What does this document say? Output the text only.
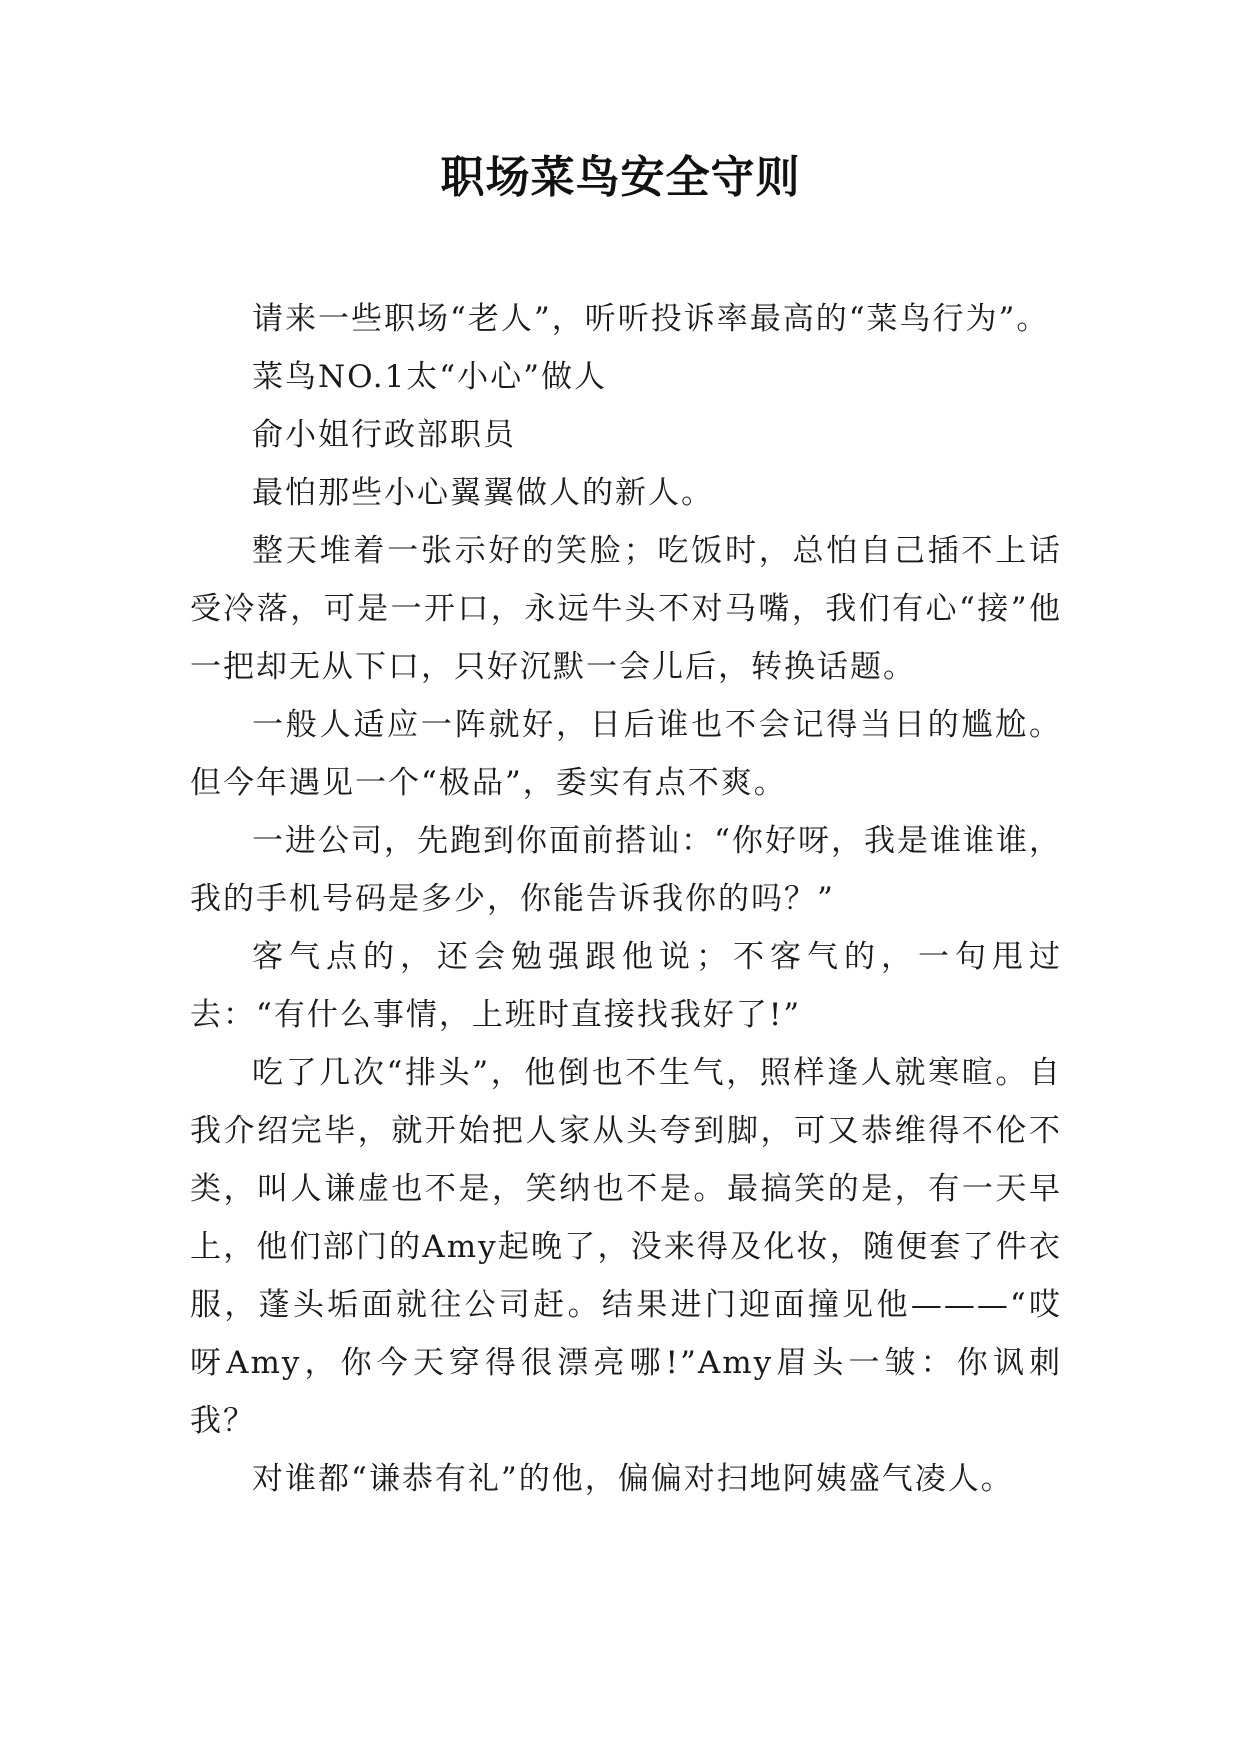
职场菜鸟安全守则

请来一些职场“老人”，听听投诉率最高的“菜鸟行为”。

菜鸟NO.1太“小心”做人

俞小姐行政部职员

最怕那些小心翼翼做人的新人。

整天堆着一张示好的笑脸；吃饭时，总怕自己插不上话受冷落，可是一开口，永远牛头不对马嘴，我们有心“接”他一把却无从下口，只好沉默一会儿后，转换话题。

一般人适应一阵就好，日后谁也不会记得当日的尴尬。但今年遇见一个“极品”，委实有点不爽。

一进公司，先跑到你面前搭讪：“你好呀，我是谁谁谁，我的手机号码是多少，你能告诉我你的吗？”

客气点的，还会勉强跟他说；不客气的，一句甩过去：“有什么事情，上班时直接找我好了!”

吃了几次“排头”，他倒也不生气，照样逢人就寒暄。自我介绍完毕，就开始把人家从头夸到脚，可又恭维得不伦不类，叫人谦虚也不是，笑纳也不是。最搞笑的是，有一天早上，他们部门的Amy起晚了，没来得及化妆，随便套了件衣服，蓬头垢面就往公司赶。结果进门迎面撞见他———“哎呀Amy，你今天穿得很漂亮哪!”Amy眉头一皱：你讽刺我？

对谁都“谦恭有礼”的他，偏偏对扫地阿姨盛气凌人。
